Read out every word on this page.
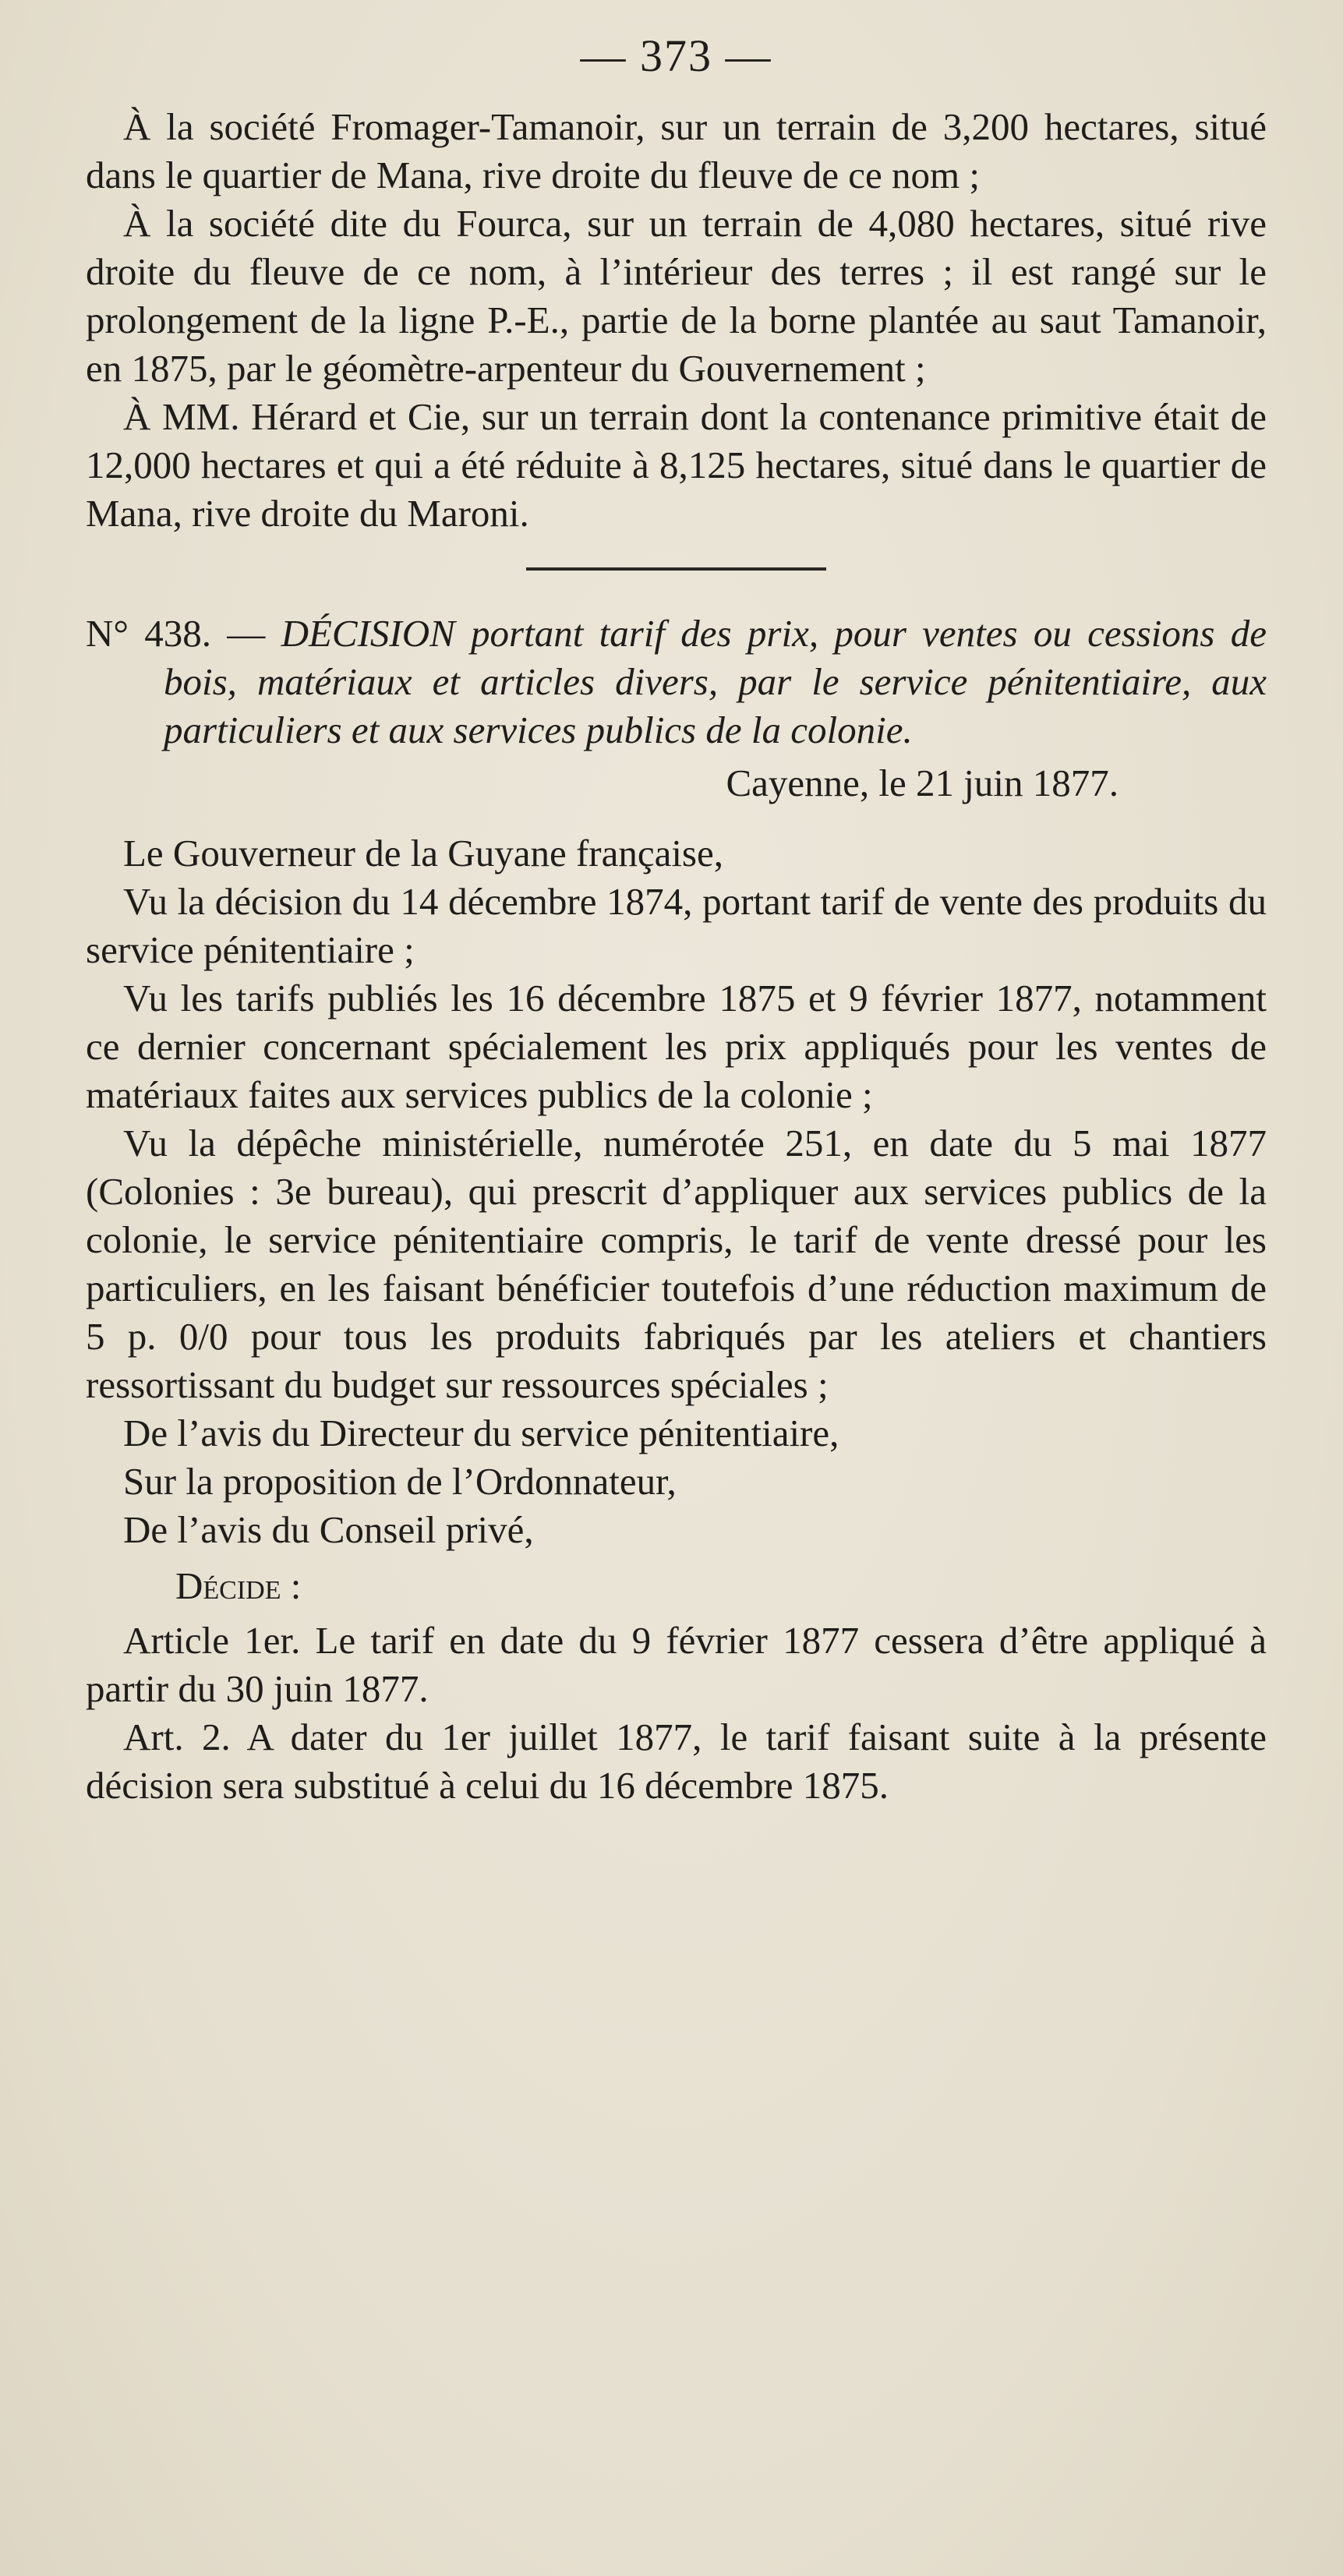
— 373 —

À la société Fromager-Tamanoir, sur un terrain de 3,200 hectares, situé dans le quartier de Mana, rive droite du fleuve de ce nom ;

À la société dite du Fourca, sur un terrain de 4,080 hectares, situé rive droite du fleuve de ce nom, à l’intérieur des terres ; il est rangé sur le prolongement de la ligne P.-E., partie de la borne plantée au saut Tamanoir, en 1875, par le géomètre-arpenteur du Gouvernement ;

À MM. Hérard et Cie, sur un terrain dont la contenance primitive était de 12,000 hectares et qui a été réduite à 8,125 hectares, situé dans le quartier de Mana, rive droite du Maroni.

N° 438. — DÉCISION portant tarif des prix, pour ventes ou cessions de bois, matériaux et articles divers, par le service pénitentiaire, aux particuliers et aux services publics de la colonie.

Cayenne, le 21 juin 1877.

Le Gouverneur de la Guyane française,

Vu la décision du 14 décembre 1874, portant tarif de vente des produits du service pénitentiaire ;

Vu les tarifs publiés les 16 décembre 1875 et 9 février 1877, notamment ce dernier concernant spécialement les prix appliqués pour les ventes de matériaux faites aux services publics de la colonie ;

Vu la dépêche ministérielle, numérotée 251, en date du 5 mai 1877 (Colonies : 3e bureau), qui prescrit d’appliquer aux services publics de la colonie, le service pénitentiaire compris, le tarif de vente dressé pour les particuliers, en les faisant bénéficier toutefois d’une réduction maximum de 5 p. 0/0 pour tous les produits fabriqués par les ateliers et chantiers ressortissant du budget sur ressources spéciales ;

De l’avis du Directeur du service pénitentiaire,

Sur la proposition de l’Ordonnateur,

De l’avis du Conseil privé,

Décide :

Article 1er. Le tarif en date du 9 février 1877 cessera d’être appliqué à partir du 30 juin 1877.

Art. 2. A dater du 1er juillet 1877, le tarif faisant suite à la présente décision sera substitué à celui du 16 décembre 1875.
